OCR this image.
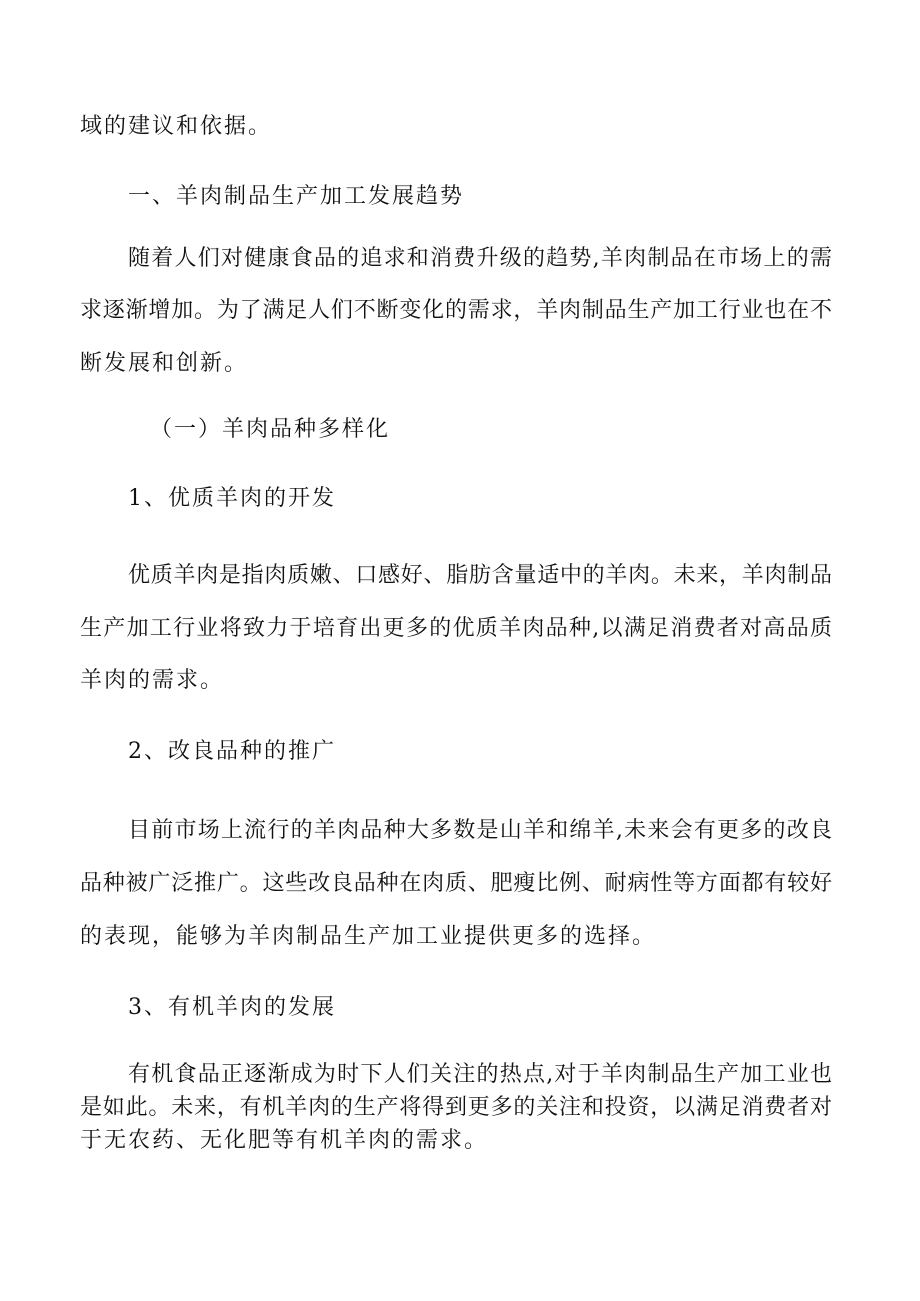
域的建议和依据。
一、羊肉制品生产加工发展趋势
随着人们对健康食品的追求和消费升级的趋势,羊肉制品在市场上的需
求逐渐增加。为了满足人们不断变化的需求，羊肉制品生产加工行业也在不
断发展和创新。
（一）羊肉品种多样化
1、优质羊肉的开发
优质羊肉是指肉质嫩、口感好、脂肪含量适中的羊肉。未来，羊肉制品
生产加工行业将致力于培育出更多的优质羊肉品种,以满足消费者对高品质
羊肉的需求。
2、改良品种的推广
目前市场上流行的羊肉品种大多数是山羊和绵羊,未来会有更多的改良
品种被广泛推广。这些改良品种在肉质、肥瘦比例、耐病性等方面都有较好
的表现，能够为羊肉制品生产加工业提供更多的选择。
3、有机羊肉的发展
有机食品正逐渐成为时下人们关注的热点,对于羊肉制品生产加工业也
是如此。未来，有机羊肉的生产将得到更多的关注和投资，以满足消费者对
于无农药、无化肥等有机羊肉的需求。
